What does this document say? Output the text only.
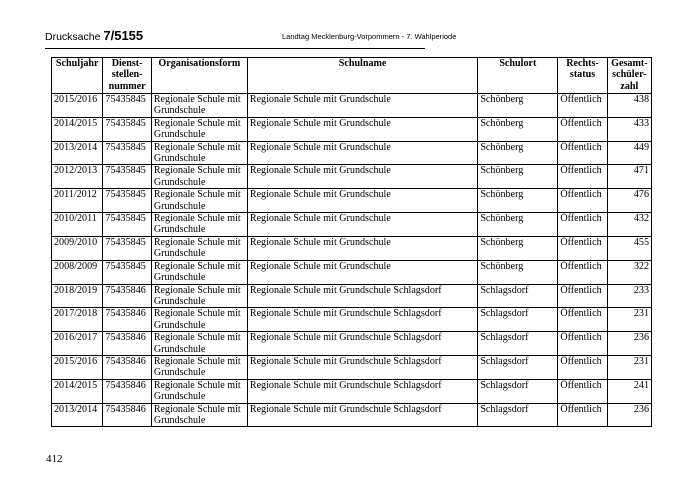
Drucksache 7/5155	Landtag Mecklenburg-Vorpommern - 7. Wahlperiode
Schuljahr	Dienst-stellen-nummer	Organisationsform	Schulname	Schulort	Rechts-status	Gesamt-schüler-zahl
2015/2016	75435845	Regionale Schule mit Grundschule	Regionale Schule mit Grundschule	Schönberg	Öffentlich	438
2014/2015	75435845	Regionale Schule mit Grundschule	Regionale Schule mit Grundschule	Schönberg	Öffentlich	433
2013/2014	75435845	Regionale Schule mit Grundschule	Regionale Schule mit Grundschule	Schönberg	Öffentlich	449
2012/2013	75435845	Regionale Schule mit Grundschule	Regionale Schule mit Grundschule	Schönberg	Öffentlich	471
2011/2012	75435845	Regionale Schule mit Grundschule	Regionale Schule mit Grundschule	Schönberg	Öffentlich	476
2010/2011	75435845	Regionale Schule mit Grundschule	Regionale Schule mit Grundschule	Schönberg	Öffentlich	432
2009/2010	75435845	Regionale Schule mit Grundschule	Regionale Schule mit Grundschule	Schönberg	Öffentlich	455
2008/2009	75435845	Regionale Schule mit Grundschule	Regionale Schule mit Grundschule	Schönberg	Öffentlich	322
2018/2019	75435846	Regionale Schule mit Grundschule	Regionale Schule mit Grundschule Schlagsdorf	Schlagsdorf	Öffentlich	233
2017/2018	75435846	Regionale Schule mit Grundschule	Regionale Schule mit Grundschule Schlagsdorf	Schlagsdorf	Öffentlich	231
2016/2017	75435846	Regionale Schule mit Grundschule	Regionale Schule mit Grundschule Schlagsdorf	Schlagsdorf	Öffentlich	236
2015/2016	75435846	Regionale Schule mit Grundschule	Regionale Schule mit Grundschule Schlagsdorf	Schlagsdorf	Öffentlich	231
2014/2015	75435846	Regionale Schule mit Grundschule	Regionale Schule mit Grundschule Schlagsdorf	Schlagsdorf	Öffentlich	241
2013/2014	75435846	Regionale Schule mit Grundschule	Regionale Schule mit Grundschule Schlagsdorf	Schlagsdorf	Öffentlich	236
412
